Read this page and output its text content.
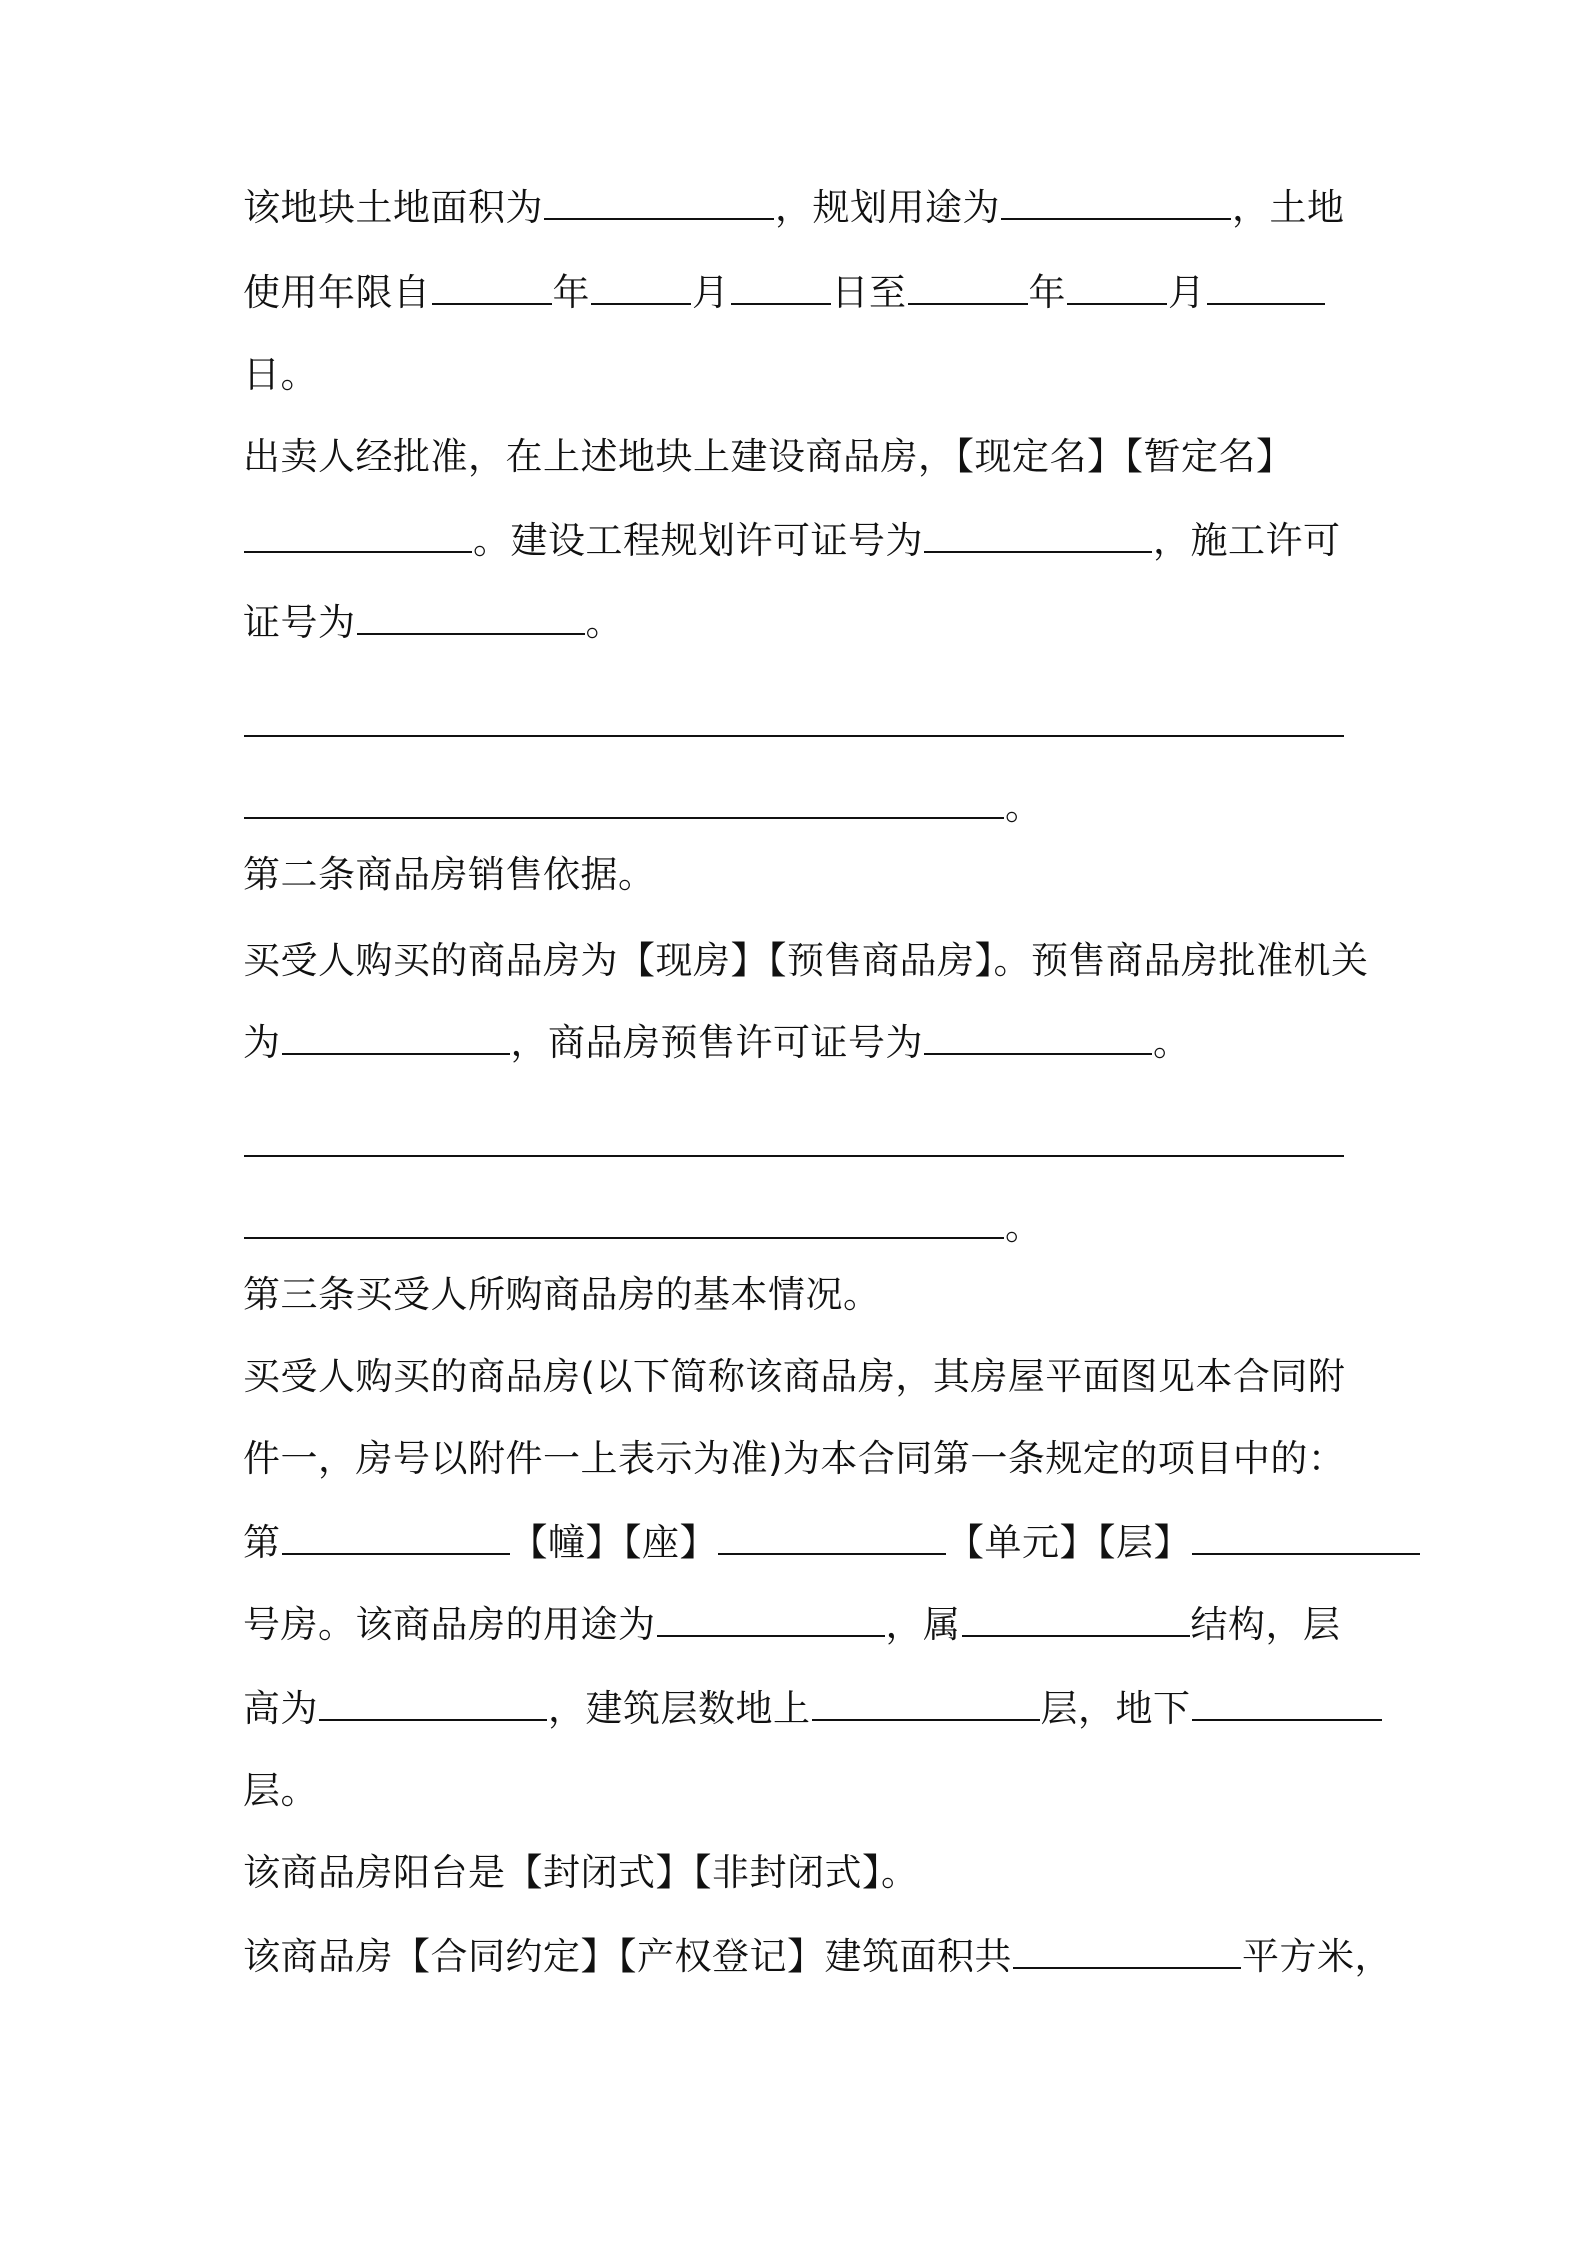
该地块土地面积为	，规划用途为	，土地

使用年限自	年	月	日至	年	月

日。

出卖人经批准，在上述地块上建设商品房，【现定名】【暂定名】

。建设工程规划许可证号为	，施工许可

证号为	。

。

第二条商品房销售依据。

买受人购买的商品房为【现房】【预售商品房】。预售商品房批准机关

为	，商品房预售许可证号为	。

。

第三条买受人所购商品房的基本情况。

买受人购买的商品房(以下简称该商品房，其房屋平面图见本合同附

件一，房号以附件一上表示为准)为本合同第一条规定的项目中的：

第	【幢】【座】	【单元】【层】

号房。该商品房的用途为	，属	结构，层

高为	，建筑层数地上	层，地下

层。

该商品房阳台是【封闭式】【非封闭式】。

该商品房【合同约定】【产权登记】建筑面积共	平方米，
